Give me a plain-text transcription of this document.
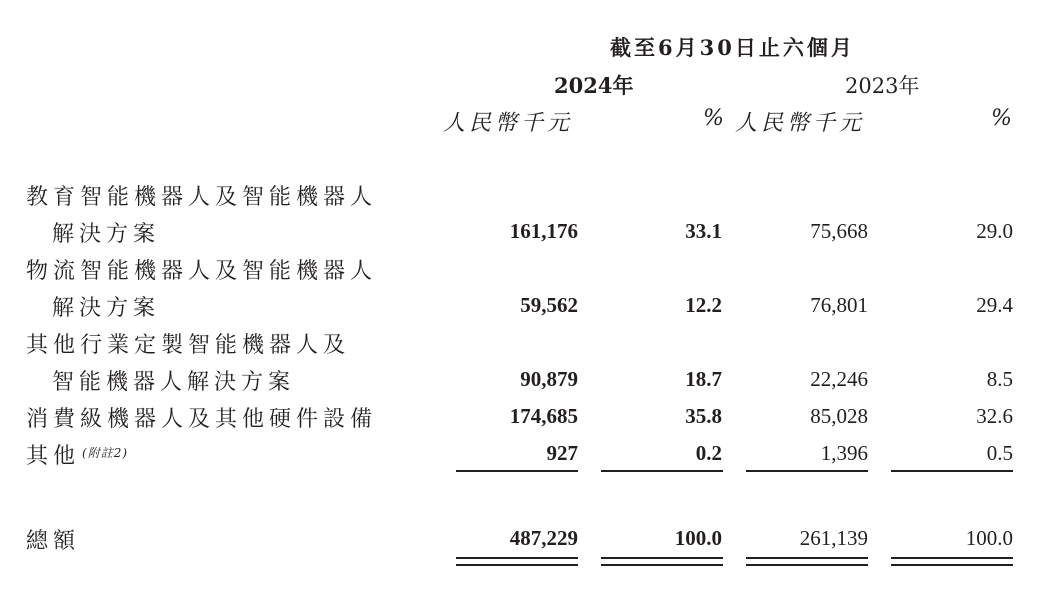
截至6月30日止六個月
2024年	2023年
人民幣千元	% 人民幣千元	%
教育智能機器人及智能機器人
解決方案	161,176	33.1	75,668	29.0
物流智能機器人及智能機器人
解決方案	59,562	12.2	76,801	29.4
其他行業定製智能機器人及
智能機器人解決方案	90,879	18.7	22,246	8.5
消費級機器人及其他硬件設備	174,685	35.8	85,028	32.6
其他 $^{(附註2)}$	927	0.2	1,396	0.5
總額	487,229	100.0	261,139	100.0
